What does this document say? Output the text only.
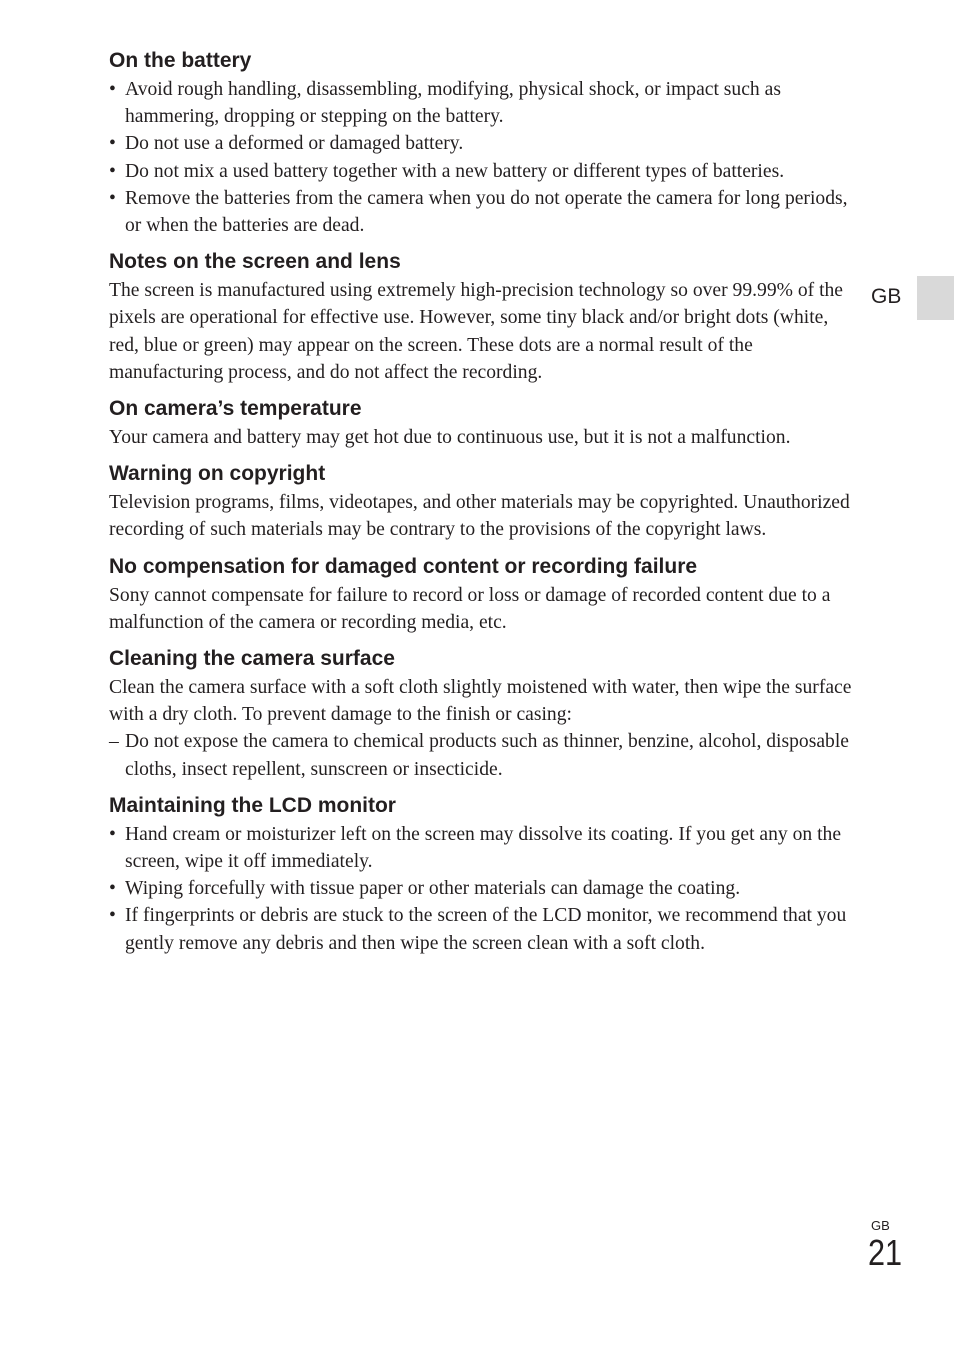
On the battery
• Avoid rough handling, disassembling, modifying, physical shock, or impact such as hammering, dropping or stepping on the battery.
• Do not use a deformed or damaged battery.
• Do not mix a used battery together with a new battery or different types of batteries.
• Remove the batteries from the camera when you do not operate the camera for long periods, or when the batteries are dead.
Notes on the screen and lens

The screen is manufactured using extremely high-precision technology so over 99.99% of the pixels are operational for effective use. However, some tiny black and/or bright dots (white, red, blue or green) may appear on the screen. These dots are a normal result of the manufacturing process, and do not affect the recording.

On camera’s temperature

Your camera and battery may get hot due to continuous use, but it is not a malfunction.

Warning on copyright

Television programs, films, videotapes, and other materials may be copyrighted. Unauthorized recording of such materials may be contrary to the provisions of the copyright laws.

No compensation for damaged content or recording failure

Sony cannot compensate for failure to record or loss or damage of recorded content due to a malfunction of the camera or recording media, etc.

Cleaning the camera surface

Clean the camera surface with a soft cloth slightly moistened with water, then wipe the surface with a dry cloth. To prevent damage to the finish or casing:

– Do not expose the camera to chemical products such as thinner, benzine, alcohol, disposable cloths, insect repellent, sunscreen or insecticide.
Maintaining the LCD monitor
• Hand cream or moisturizer left on the screen may dissolve its coating. If you get any on the screen, wipe it off immediately.
• Wiping forcefully with tissue paper or other materials can damage the coating.
• If fingerprints or debris are stuck to the screen of the LCD monitor, we recommend that you gently remove any debris and then wipe the screen clean with a soft cloth.
GB
GB
21
